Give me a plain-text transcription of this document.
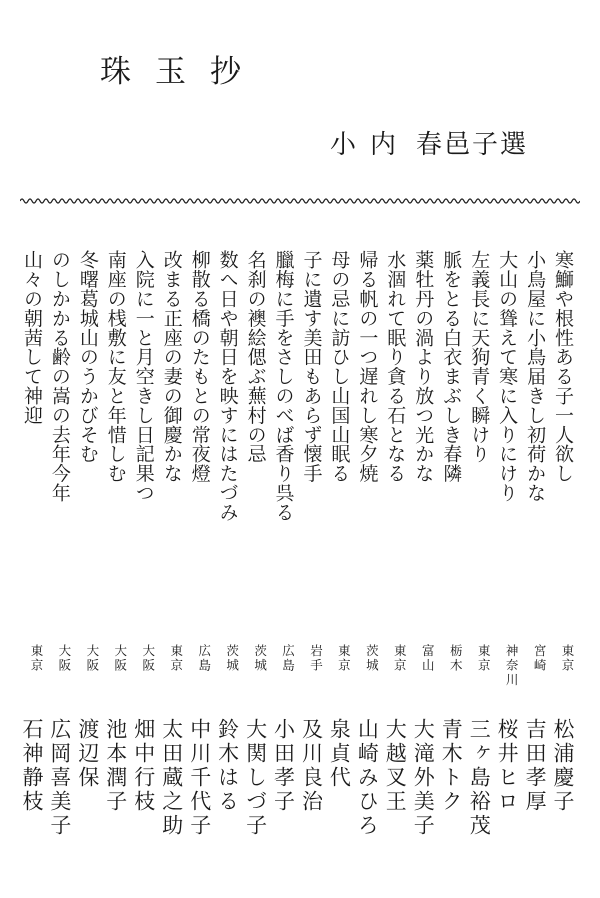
珠玉抄
小内 春邑子選
寒鰤や根性ある子一人欲し
東京
松浦慶子
小鳥屋に小鳥届きし初荷かな
宮崎
吉田孝厚
大山の聳えて寒に入りにけり
神奈川
桜井ヒロ
左義長に天狗青く瞬けり
東京
三ヶ島裕茂
脈をとる白衣まぶしき春隣
栃木
青木トク
薬牡丹の渦より放つ光かな
富山
大滝外美子
水涸れて眠り貪る石となる
東京
大越叉王
帰る帆の一つ遅れし寒夕焼
茨城
山崎みひろ
母の忌に訪ひし山国山眠る
東京
泉貞代
子に遺す美田もあらず懐手
岩手
及川良治
臘梅に手をさしのべば香り呉る
広島
小田孝子
名刹の襖絵偲ぶ蕪村の忌
茨城
大関しづ子
数へ日や朝日を映すにはたづみ
茨城
鈴木はる
柳散る橋のたもとの常夜燈
広島
中川千代子
改まる正座の妻の御慶かな
東京
太田蔵之助
入院に一と月空きし日記果つ
大阪
畑中行枝
南座の桟敷に友と年惜しむ
大阪
池本潤子
冬曙葛城山のうかびそむ
大阪
渡辺保
のしかかる齢の嵩の去年今年
大阪
広岡喜美子
山々の朝茜して神迎
東京
石神静枝
